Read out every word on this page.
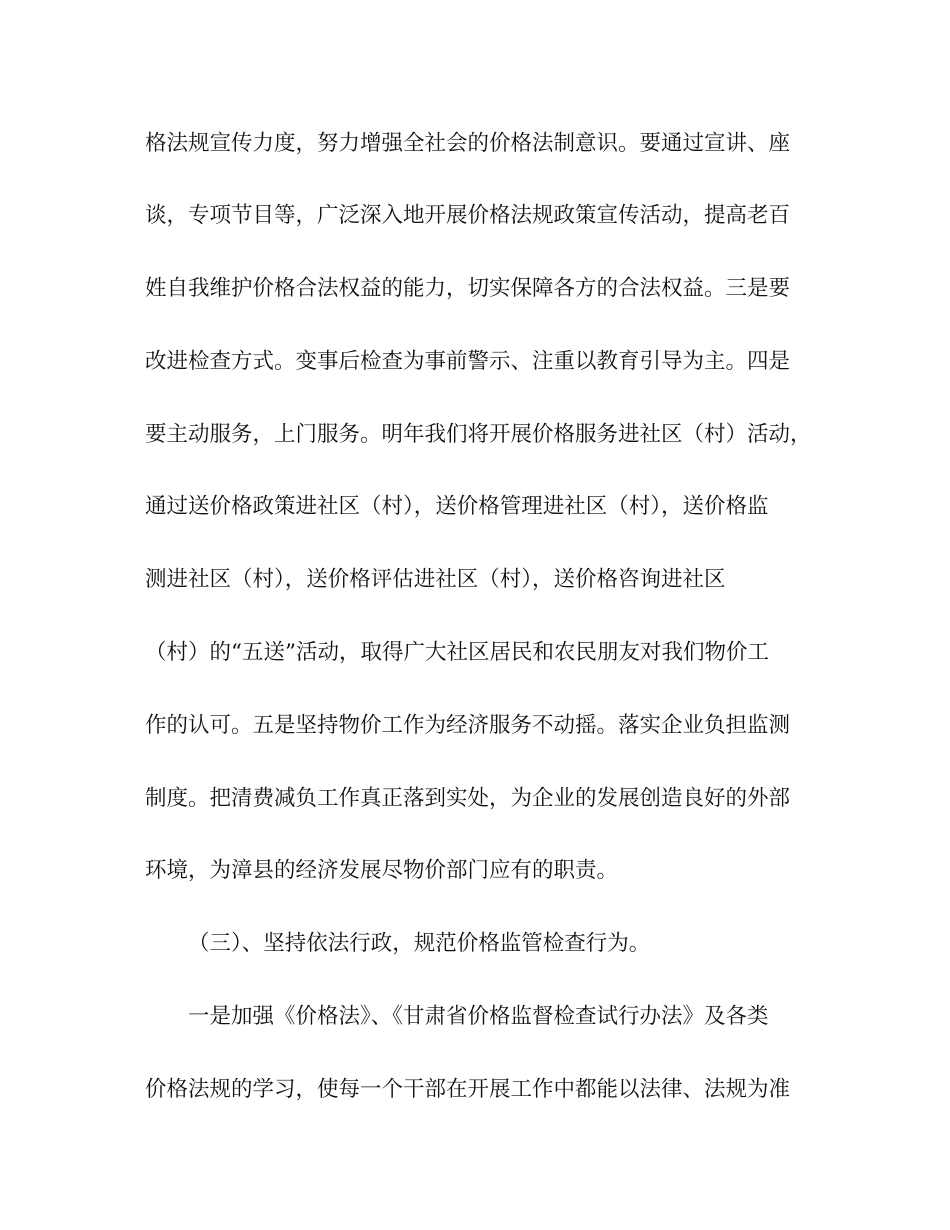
格法规宣传力度，努力增强全社会的价格法制意识。要通过宣讲、座
谈，专项节目等，广泛深入地开展价格法规政策宣传活动，提高老百
姓自我维护价格合法权益的能力，切实保障各方的合法权益。三是要
改进检查方式。变事后检查为事前警示、注重以教育引导为主。四是
要主动服务，上门服务。明年我们将开展价格服务进社区（村）活动，
通过送价格政策进社区（村），送价格管理进社区（村），送价格监
测进社区（村），送价格评估进社区（村），送价格咨询进社区
（村）的“五送”活动，取得广大社区居民和农民朋友对我们物价工
作的认可。五是坚持物价工作为经济服务不动摇。落实企业负担监测
制度。把清费减负工作真正落到实处，为企业的发展创造良好的外部
环境，为漳县的经济发展尽物价部门应有的职责。
（三）、坚持依法行政，规范价格监管检查行为。
一是加强《价格法》、《甘肃省价格监督检查试行办法》及各类
价格法规的学习，使每一个干部在开展工作中都能以法律、法规为准
